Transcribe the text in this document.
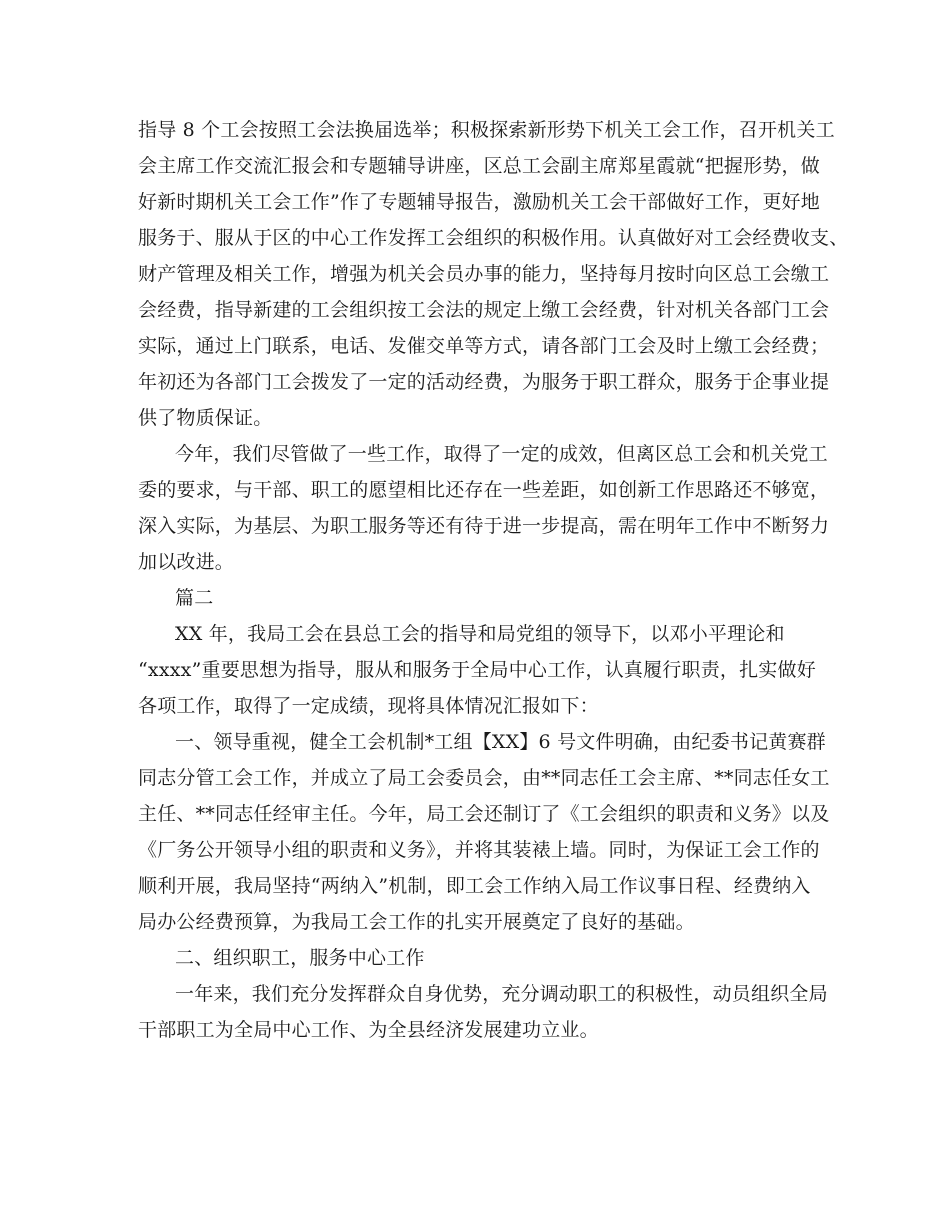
指导 8 个工会按照工会法换届选举；积极探索新形势下机关工会工作，召开机关工
会主席工作交流汇报会和专题辅导讲座，区总工会副主席郑星霞就“把握形势，做
好新时期机关工会工作”作了专题辅导报告，激励机关工会干部做好工作，更好地
服务于、服从于区的中心工作发挥工会组织的积极作用。认真做好对工会经费收支、
财产管理及相关工作，增强为机关会员办事的能力，坚持每月按时向区总工会缴工
会经费，指导新建的工会组织按工会法的规定上缴工会经费，针对机关各部门工会
实际，通过上门联系，电话、发催交单等方式，请各部门工会及时上缴工会经费；
年初还为各部门工会拨发了一定的活动经费，为服务于职工群众，服务于企事业提
供了物质保证。
今年，我们尽管做了一些工作，取得了一定的成效，但离区总工会和机关党工
委的要求，与干部、职工的愿望相比还存在一些差距，如创新工作思路还不够宽，
深入实际，为基层、为职工服务等还有待于进一步提高，需在明年工作中不断努力
加以改进。
篇二
XX 年，我局工会在县总工会的指导和局党组的领导下，以邓小平理论和
“xxxx”重要思想为指导，服从和服务于全局中心工作，认真履行职责，扎实做好
各项工作，取得了一定成绩，现将具体情况汇报如下：
一、领导重视，健全工会机制*工组【XX】6 号文件明确，由纪委书记黄赛群
同志分管工会工作，并成立了局工会委员会，由**同志任工会主席、**同志任女工
主任、**同志任经审主任。今年，局工会还制订了《工会组织的职责和义务》以及
《厂务公开领导小组的职责和义务》，并将其装裱上墙。同时，为保证工会工作的
顺利开展，我局坚持“两纳入”机制，即工会工作纳入局工作议事日程、经费纳入
局办公经费预算，为我局工会工作的扎实开展奠定了良好的基础。
二、组织职工，服务中心工作
一年来，我们充分发挥群众自身优势，充分调动职工的积极性，动员组织全局
干部职工为全局中心工作、为全县经济发展建功立业。
